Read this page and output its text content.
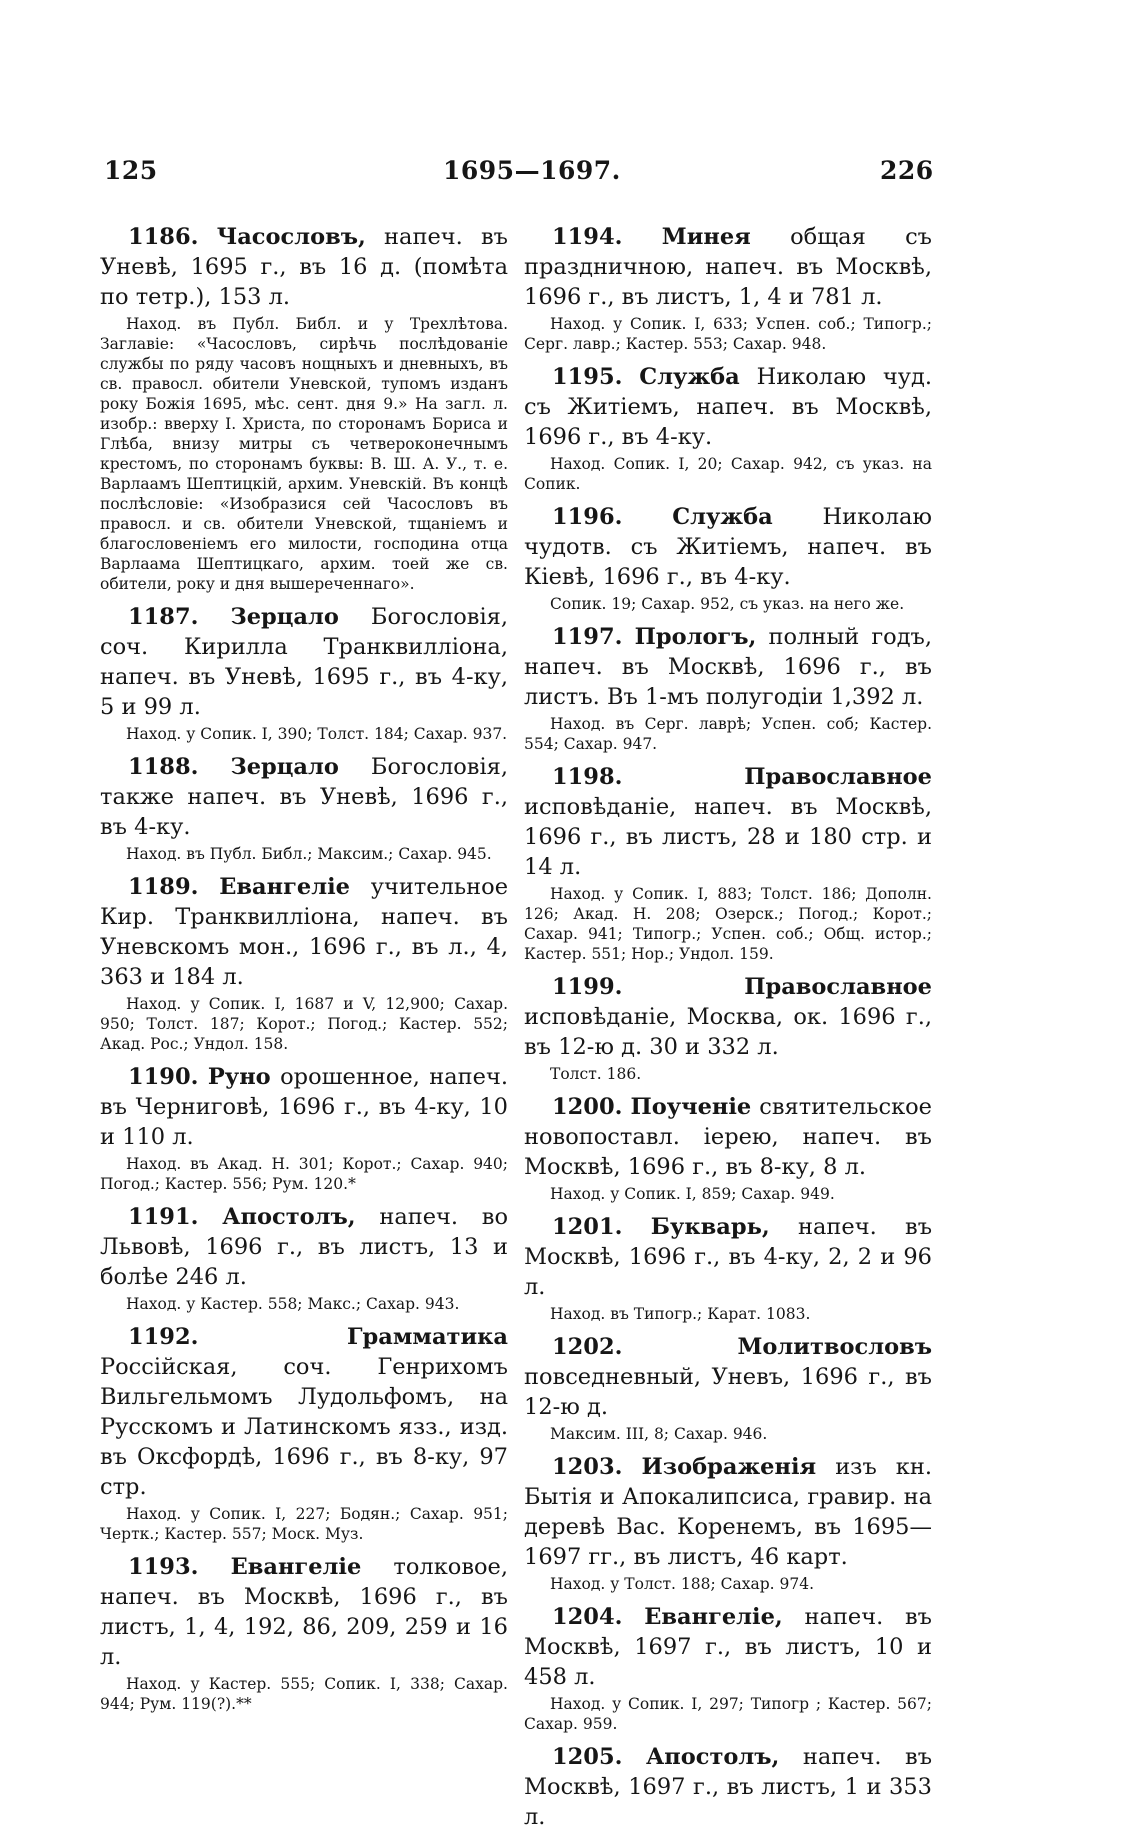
125	1695—1697.	226

1186. Часословъ, напеч. въ Уневѣ, 1695 г., въ 16 д. (помѣта по тетр.), 153 л.

Наход. въ Публ. Библ. и у Трехлѣтова. Заглавіе: «Часословъ, сирѣчь послѣдованіе службы по ряду часовъ нощныхъ и дневныхъ, въ св. правосл. обители Уневской, тупомъ изданъ року Божія 1695, мѣс. сент. дня 9.» На загл. л. изобр.: вверху І. Христа, по сторонамъ Бориса и Глѣба, внизу митры съ четвероконечнымъ крестомъ, по сторонамъ буквы: В. Ш. А. У., т. е. Варлаамъ Шептицкій, архим. Уневскій. Въ концѣ послѣсловіе: «Изобразися сей Часословъ въ правосл. и св. обители Уневской, тщаніемъ и благословеніемъ его милости, господина отца Варлаама Шептицкаго, архим. тоей же св. обители, року и дня вышереченнаго».

1187. Зерцало Богословія, соч. Кирилла Транквилліона, напеч. въ Уневѣ, 1695 г., въ 4-ку, 5 и 99 л.

Наход. у Сопик. І, 390; Толст. 184; Сахар. 937.

1188. Зерцало Богословія, также напеч. въ Уневѣ, 1696 г., въ 4-ку.

Наход. въ Публ. Библ.; Максим.; Сахар. 945.

1189. Евангеліе учительное Кир. Транквилліона, напеч. въ Уневскомъ мон., 1696 г., въ л., 4, 363 и 184 л.

Наход. у Сопик. І, 1687 и V, 12,900; Сахар. 950; Толст. 187; Корот.; Погод.; Кастер. 552; Акад. Рос.; Ундол. 158.

1190. Руно орошенное, напеч. въ Черниговѣ, 1696 г., въ 4-ку, 10 и 110 л.

Наход. въ Акад. Н. 301; Корот.; Сахар. 940; Погод.; Кастер. 556; Рум. 120.*

1191. Апостолъ, напеч. во Львовѣ, 1696 г., въ листъ, 13 и болѣе 246 л.

Наход. у Кастер. 558; Макс.; Сахар. 943.

1192.	Грамматика Россійская, соч. Генрихомъ Вильгельмомъ Лудольфомъ, на Русскомъ и Латинскомъ язз., изд. въ Оксфордѣ, 1696 г., въ 8-ку, 97 стр.

Наход. у Сопик. І, 227; Бодян.; Сахар. 951; Чертк.; Кастер. 557; Моск. Муз.

1193. Евангеліе толковое, напеч. въ Москвѣ, 1696 г., въ листъ, 1, 4, 192, 86, 209, 259 и 16 л.

Наход. у Кастер. 555; Сопик. І, 338; Сахар. 944; Рум. 119(?).**

1194. Минея общая съ праздничною, напеч. въ Москвѣ, 1696 г., въ листъ, 1, 4 и 781 л.

Наход. у Сопик. І, 633; Успен. соб.; Типогр.; Серг. лавр.; Кастер. 553; Сахар. 948.

1195. Служба Николаю чуд. съ Житіемъ, напеч. въ Москвѣ, 1696 г., въ 4-ку.

Наход. Сопик. І, 20; Сахар. 942, съ указ. на Сопик.

1196. Служба Николаю чудотв. съ Житіемъ, напеч. въ Кіевѣ, 1696 г., въ 4-ку.

Сопик. 19; Сахар. 952, съ указ. на него же.

1197. Прологъ, полный годъ, напеч. въ Москвѣ, 1696 г., въ листъ. Въ 1-мъ полугодіи 1,392 л.

Наход. въ Серг. лаврѣ; Успен. соб; Кастер. 554; Сахар. 947.

1198.	Православное исповѣданіе, напеч. въ Москвѣ, 1696 г., въ листъ, 28 и 180 стр. и 14 л.

Наход. у Сопик. І, 883; Толст. 186; Дополн. 126; Акад. Н. 208; Озерск.; Погод.; Корот.; Сахар. 941; Типогр.; Успен. соб.; Общ. истор.; Кастер. 551; Нор.; Ундол. 159.

1199.	Православное исповѣданіе, Москва, ок. 1696 г., въ 12-ю д. 30 и 332 л.

Толст. 186.

1200. Поученіе святительское новопоставл. іерею, напеч. въ Москвѣ, 1696 г., въ 8-ку, 8 л.

Наход. у Сопик. І, 859; Сахар. 949.

1201. Букварь, напеч. въ Москвѣ, 1696 г., въ 4-ку, 2, 2 и 96 л.

Наход. въ Типогр.; Карат. 1083.

1202.	Молитвословъ повседневный, Уневъ, 1696 г., въ 12-ю д.

Максим. III, 8; Сахар. 946.

1203. Изображенія изъ кн. Бытія и Апокалипсиса, гравир. на деревѣ Вас. Коренемъ, въ 1695—1697 гг., въ листъ, 46 карт.

Наход. у Толст. 188; Сахар. 974.

1204. Евангеліе, напеч. въ Москвѣ, 1697 г., въ листъ, 10 и 458 л.

Наход. у Сопик. І, 297; Типогр ; Кастер. 567; Сахар. 959.

1205. Апостолъ, напеч. въ Москвѣ, 1697 г., въ листъ, 1 и 353 л.
